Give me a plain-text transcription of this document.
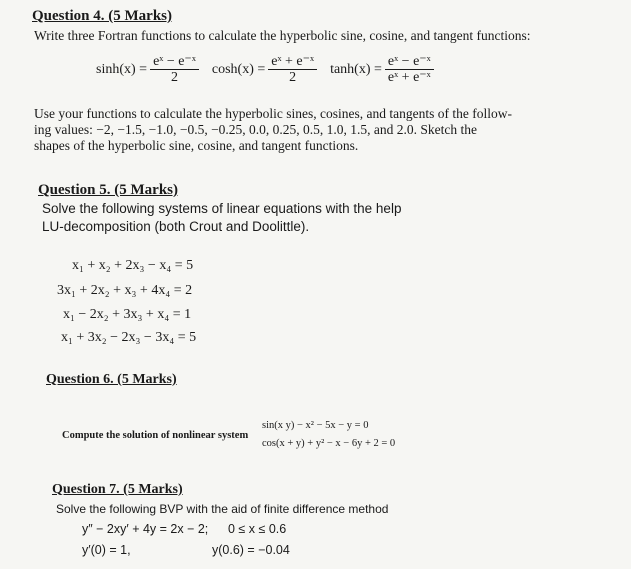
Question 4. (5 Marks)
Write three Fortran functions to calculate the hyperbolic sine, cosine, and tangent functions:
$\sinh(x) = \frac{\text{eˣ − e⁻ˣ}}{2} \cosh(x) = \frac{\text{eˣ + e⁻ˣ}}{2} \tanh(x) = \frac{\text{eˣ − e⁻ˣ}}{\text{eˣ + e⁻ˣ}}$
Use your functions to calculate the hyperbolic sines, cosines, and tangents of the follow-
ing values: −2, −1.5, −1.0, −0.5, −0.25, 0.0, 0.25, 0.5, 1.0, 1.5, and 2.0. Sketch the
shapes of the hyperbolic sine, cosine, and tangent functions.
Question 5. (5 Marks)
Solve the following systems of linear equations with the help
LU-decomposition (both Crout and Doolittle).
x₁ + x₂ + 2x₃ − x₄ = 5
3x₁ + 2x₂ + x₃ + 4x₄ = 2
x₁ − 2x₂ + 3x₃ + x₄ = 1
x₁ + 3x₂ − 2x₃ − 3x₄ = 5
Question 6. (5 Marks)
Compute the solution of nonlinear system
sin(x y) − x² − 5x − y = 0
cos(x + y) + y² − x − 6y + 2 = 0
Question 7. (5 Marks)
Solve the following BVP with the aid of finite difference method
y″ − 2xy′ + 4y = 2x − 2; 0 ≤ x ≤ 0.6
y′(0) = 1,	y(0.6) = −0.04
